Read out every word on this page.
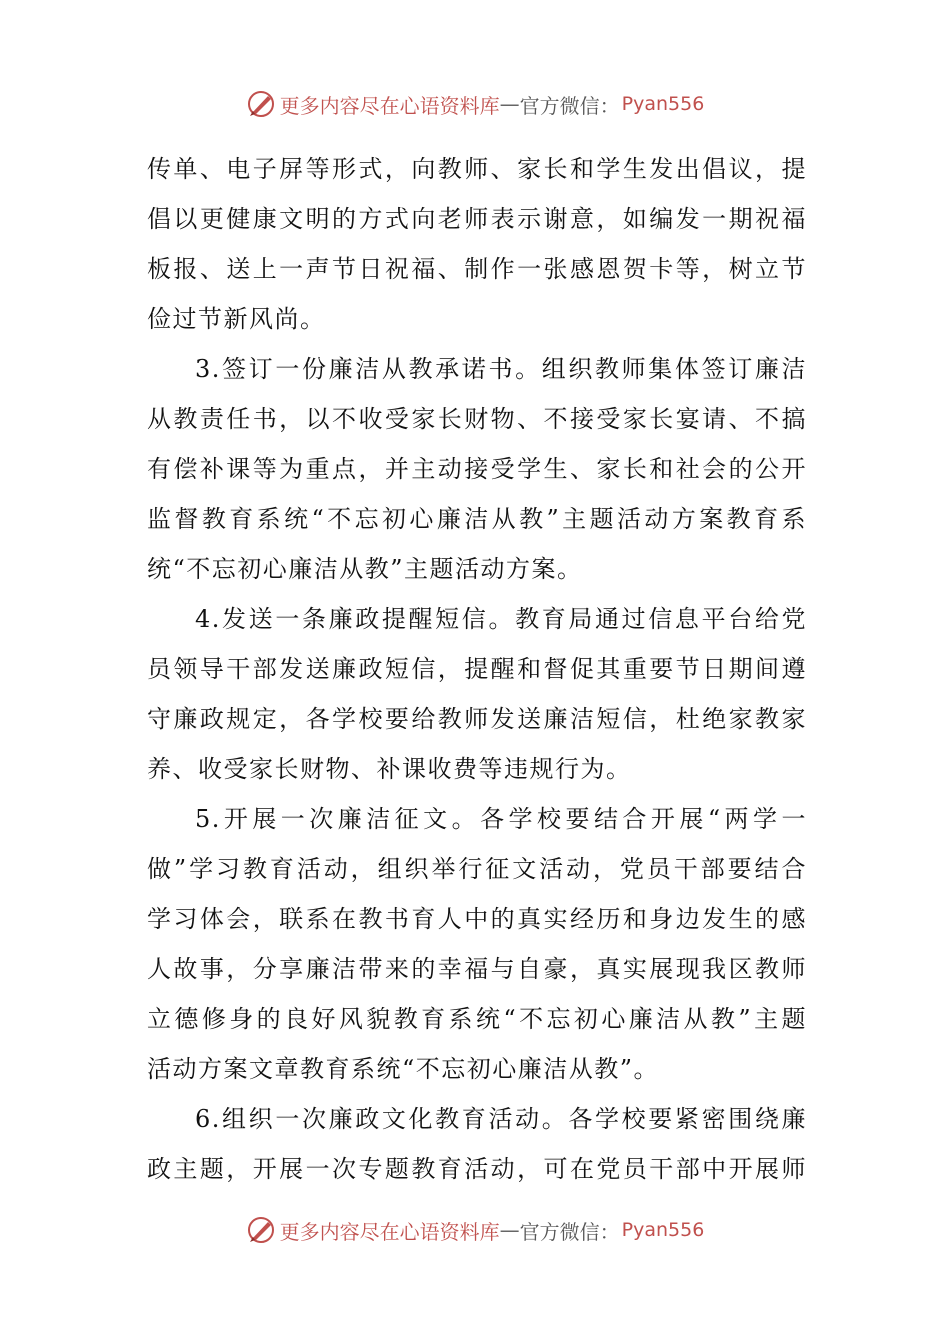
更多内容尽在心语资料库 — 官方微信： Pyan556

传单、电子屏等形式，向教师、家长和学生发出倡议，提

倡以更健康文明的方式向老师表示谢意，如编发一期祝福

板报、送上一声节日祝福、制作一张感恩贺卡等，树立节

俭过节新风尚。

3.签订一份廉洁从教承诺书。组织教师集体签订廉洁

从教责任书，以不收受家长财物、不接受家长宴请、不搞

有偿补课等为重点，并主动接受学生、家长和社会的公开

监督教育系统“不忘初心廉洁从教”主题活动方案教育系

统“不忘初心廉洁从教”主题活动方案。

4.发送一条廉政提醒短信。教育局通过信息平台给党

员领导干部发送廉政短信，提醒和督促其重要节日期间遵

守廉政规定，各学校要给教师发送廉洁短信，杜绝家教家

养、收受家长财物、补课收费等违规行为。

5.开展一次廉洁征文。各学校要结合开展“两学一

做”学习教育活动，组织举行征文活动，党员干部要结合

学习体会，联系在教书育人中的真实经历和身边发生的感

人故事，分享廉洁带来的幸福与自豪，真实展现我区教师

立德修身的良好风貌教育系统“不忘初心廉洁从教”主题

活动方案文章教育系统“不忘初心廉洁从教”。

6.组织一次廉政文化教育活动。各学校要紧密围绕廉

政主题，开展一次专题教育活动，可在党员干部中开展师

更多内容尽在心语资料库 — 官方微信： Pyan556
